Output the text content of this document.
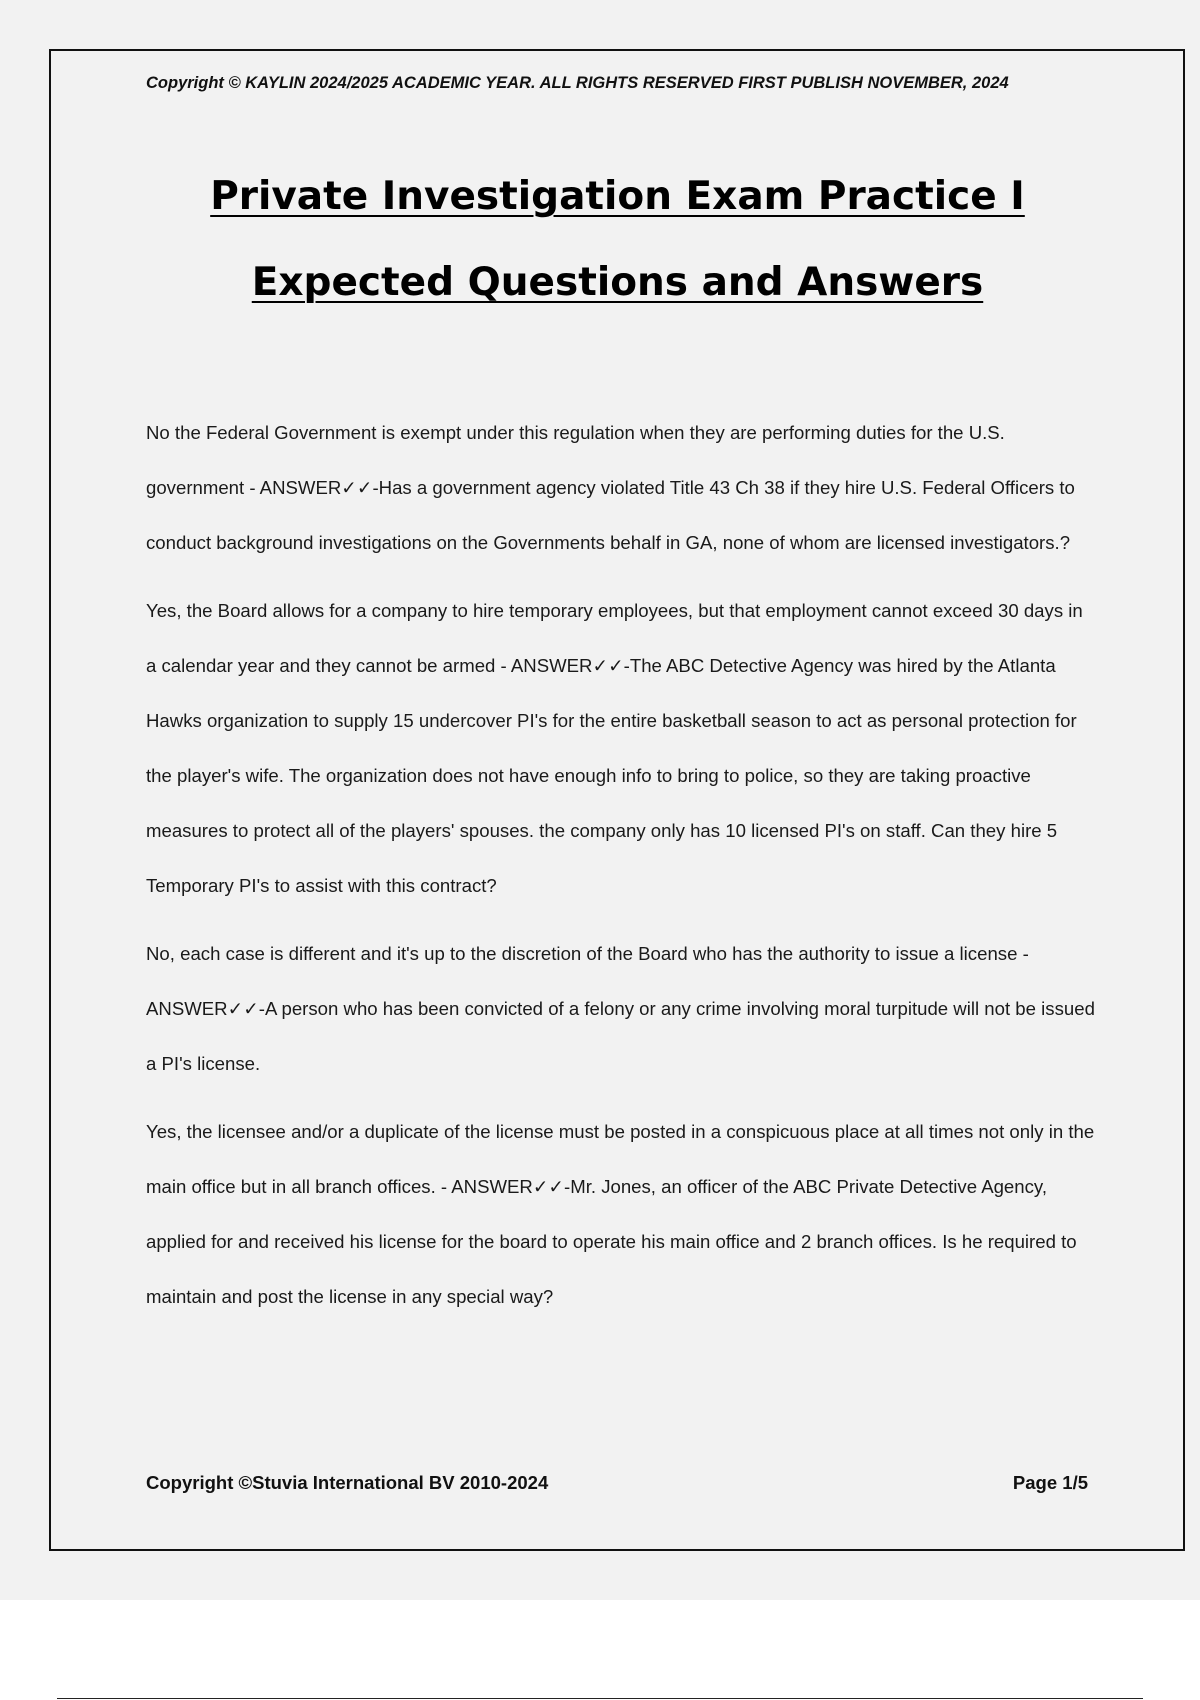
Copyright © KAYLIN 2024/2025 ACADEMIC YEAR. ALL RIGHTS RESERVED FIRST PUBLISH NOVEMBER, 2024
Private Investigation Exam Practice I
Expected Questions and Answers

No the Federal Government is exempt under this regulation when they are performing duties for the U.S. government - ANSWER✓✓-Has a government agency violated Title 43 Ch 38 if they hire U.S. Federal Officers to conduct background investigations on the Governments behalf in GA, none of whom are licensed investigators.?

Yes, the Board allows for a company to hire temporary employees, but that employment cannot exceed 30 days in a calendar year and they cannot be armed - ANSWER✓✓-The ABC Detective Agency was hired by the Atlanta Hawks organization to supply 15 undercover PI's for the entire basketball season to act as personal protection for the player's wife. The organization does not have enough info to bring to police, so they are taking proactive measures to protect all of the players' spouses. the company only has 10 licensed PI's on staff. Can they hire 5 Temporary PI's to assist with this contract?

No, each case is different and it's up to the discretion of the Board who has the authority to issue a license - ANSWER✓✓-A person who has been convicted of a felony or any crime involving moral turpitude will not be issued a PI's license.

Yes, the licensee and/or a duplicate of the license must be posted in a conspicuous place at all times not only in the main office but in all branch offices. - ANSWER✓✓-Mr. Jones, an officer of the ABC Private Detective Agency, applied for and received his license for the board to operate his main office and 2 branch offices. Is he required to maintain and post the license in any special way?

Copyright ©Stuvia International BV 2010-2024	Page 1/5
